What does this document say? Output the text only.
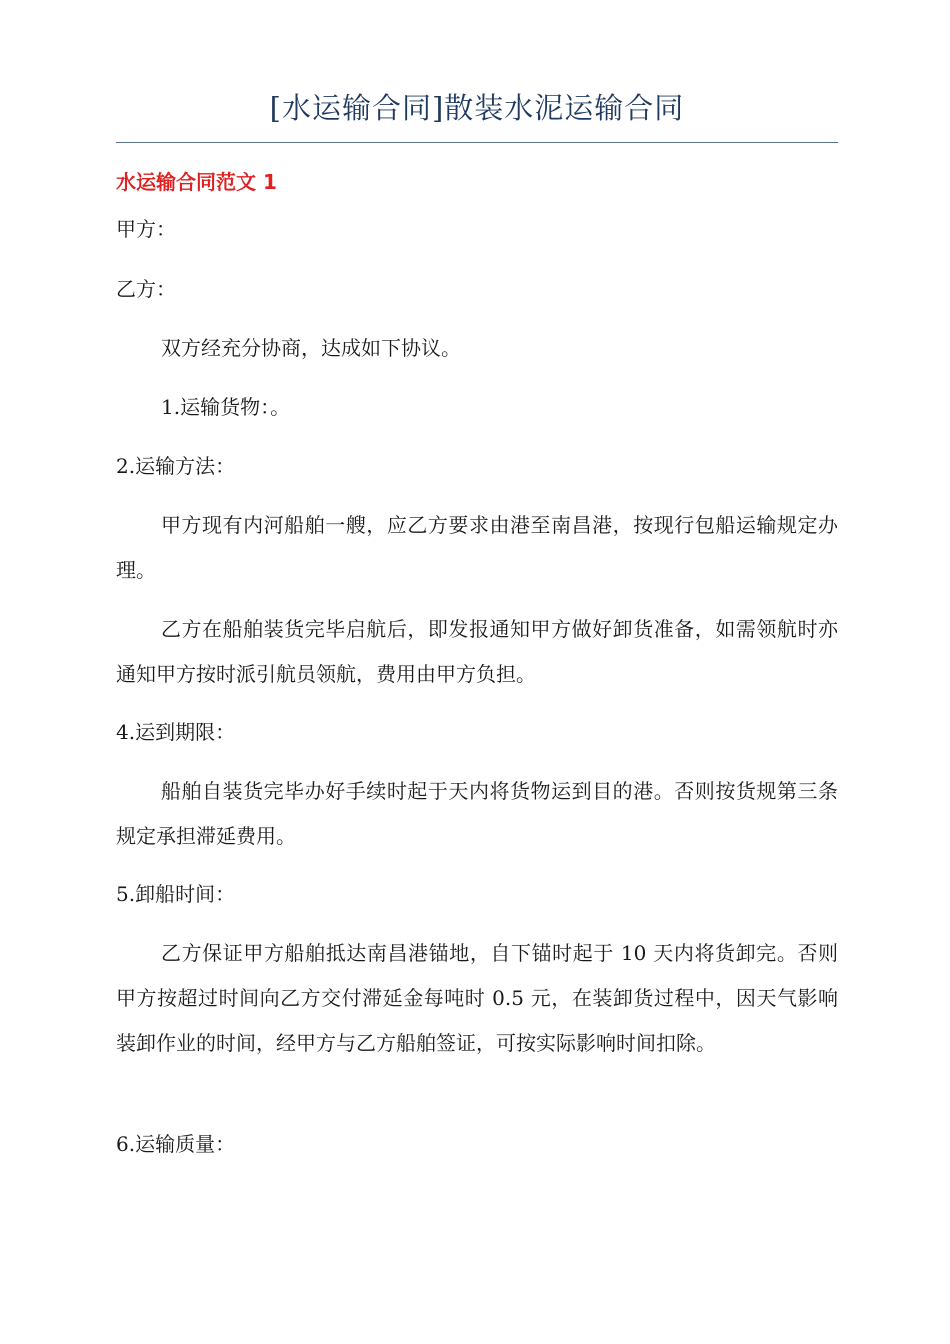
[水运输合同]散装水泥运输合同
水运输合同范文 1

甲方：

乙方：

双方经充分协商，达成如下协议。

1.运输货物：。

2.运输方法：

甲方现有内河船舶一艘，应乙方要求由港至南昌港，按现行包船运输规定办理。

乙方在船舶装货完毕启航后，即发报通知甲方做好卸货准备，如需领航时亦通知甲方按时派引航员领航，费用由甲方负担。

4.运到期限：

船舶自装货完毕办好手续时起于天内将货物运到目的港。否则按货规第三条规定承担滞延费用。

5.卸船时间：

乙方保证甲方船舶抵达南昌港锚地，自下锚时起于 10 天内将货卸完。否则甲方按超过时间向乙方交付滞延金每吨时 0.5 元，在装卸货过程中，因天气影响装卸作业的时间，经甲方与乙方船舶签证，可按实际影响时间扣除。

6.运输质量：
